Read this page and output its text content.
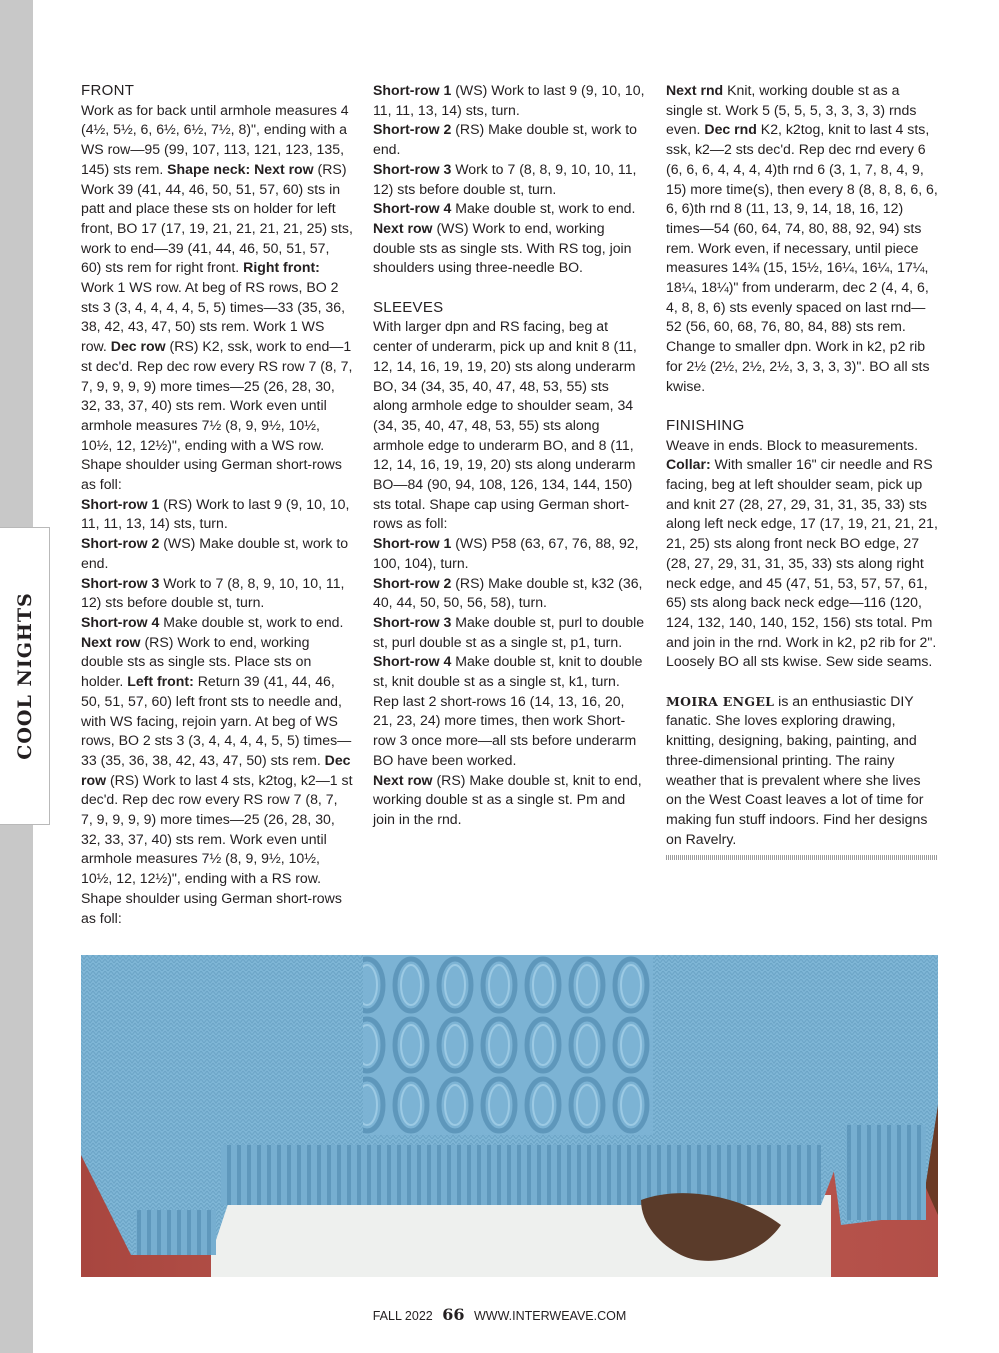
COOL NIGHTS

FRONT

Work as for back until armhole measures 4 (4½, 5½, 6, 6½, 6½, 7½, 8)", ending with a WS row—95 (99, 107, 113, 121, 123, 135, 145) sts rem. Shape neck: Next row (RS) Work 39 (41, 44, 46, 50, 51, 57, 60) sts in patt and place these sts on holder for left front, BO 17 (17, 19, 21, 21, 21, 21, 25) sts, work to end—39 (41, 44, 46, 50, 51, 57, 60) sts rem for right front. Right front: Work 1 WS row. At beg of RS rows, BO 2 sts 3 (3, 4, 4, 4, 4, 5, 5) times—33 (35, 36, 38, 42, 43, 47, 50) sts rem. Work 1 WS row. Dec row (RS) K2, ssk, work to end—1 st dec'd. Rep dec row every RS row 7 (8, 7, 7, 9, 9, 9, 9) more times—25 (26, 28, 30, 32, 33, 37, 40) sts rem. Work even until armhole measures 7½ (8, 9, 9½, 10½, 10½, 12, 12½)", ending with a WS row. Shape shoulder using German short-rows as foll:

Short-row 1 (RS) Work to last 9 (9, 10, 10, 11, 11, 13, 14) sts, turn.

Short-row 2 (WS) Make double st, work to end.

Short-row 3 Work to 7 (8, 8, 9, 10, 10, 11, 12) sts before double st, turn.

Short-row 4 Make double st, work to end.

Next row (RS) Work to end, working double sts as single sts. Place sts on holder. Left front: Return 39 (41, 44, 46, 50, 51, 57, 60) left front sts to needle and, with WS facing, rejoin yarn. At beg of WS rows, BO 2 sts 3 (3, 4, 4, 4, 4, 5, 5) times—33 (35, 36, 38, 42, 43, 47, 50) sts rem. Dec row (RS) Work to last 4 sts, k2tog, k2—1 st dec'd. Rep dec row every RS row 7 (8, 7, 7, 9, 9, 9, 9) more times—25 (26, 28, 30, 32, 33, 37, 40) sts rem. Work even until armhole measures 7½ (8, 9, 9½, 10½, 10½, 12, 12½)", ending with a RS row. Shape shoulder using German short-rows as foll:

Short-row 1 (WS) Work to last 9 (9, 10, 10, 11, 11, 13, 14) sts, turn.

Short-row 2 (RS) Make double st, work to end.

Short-row 3 Work to 7 (8, 8, 9, 10, 10, 11, 12) sts before double st, turn.

Short-row 4 Make double st, work to end.

Next row (WS) Work to end, working double sts as single sts. With RS tog, join shoulders using three-needle BO.

SLEEVES

With larger dpn and RS facing, beg at center of underarm, pick up and knit 8 (11, 12, 14, 16, 19, 19, 20) sts along underarm BO, 34 (34, 35, 40, 47, 48, 53, 55) sts along armhole edge to shoulder seam, 34 (34, 35, 40, 47, 48, 53, 55) sts along armhole edge to underarm BO, and 8 (11, 12, 14, 16, 19, 19, 20) sts along underarm BO—84 (90, 94, 108, 126, 134, 144, 150) sts total. Shape cap using German short-rows as foll:

Short-row 1 (WS) P58 (63, 67, 76, 88, 92, 100, 104), turn.

Short-row 2 (RS) Make double st, k32 (36, 40, 44, 50, 50, 56, 58), turn.

Short-row 3 Make double st, purl to double st, purl double st as a single st, p1, turn.

Short-row 4 Make double st, knit to double st, knit double st as a single st, k1, turn.

Rep last 2 short-rows 16 (14, 13, 16, 20, 21, 23, 24) more times, then work Short-row 3 once more—all sts before underarm BO have been worked.

Next row (RS) Make double st, knit to end, working double st as a single st. Pm and join in the rnd.

Next rnd Knit, working double st as a single st. Work 5 (5, 5, 5, 3, 3, 3, 3) rnds even. Dec rnd K2, k2tog, knit to last 4 sts, ssk, k2—2 sts dec'd. Rep dec rnd every 6 (6, 6, 6, 4, 4, 4, 4)th rnd 6 (3, 1, 7, 8, 4, 9, 15) more time(s), then every 8 (8, 8, 8, 6, 6, 6, 6)th rnd 8 (11, 13, 9, 14, 18, 16, 12) times—54 (60, 64, 74, 80, 88, 92, 94) sts rem. Work even, if necessary, until piece measures 14¾ (15, 15½, 16¼, 16¼, 17¼, 18¼, 18¼)" from underarm, dec 2 (4, 4, 6, 4, 8, 8, 6) sts evenly spaced on last rnd—52 (56, 60, 68, 76, 80, 84, 88) sts rem. Change to smaller dpn. Work in k2, p2 rib for 2½ (2½, 2½, 2½, 3, 3, 3, 3)". BO all sts kwise.

FINISHING

Weave in ends. Block to measurements. Collar: With smaller 16" cir needle and RS facing, beg at left shoulder seam, pick up and knit 27 (28, 27, 29, 31, 31, 35, 33) sts along left neck edge, 17 (17, 19, 21, 21, 21, 21, 25) sts along front neck BO edge, 27 (28, 27, 29, 31, 31, 35, 33) sts along right neck edge, and 45 (47, 51, 53, 57, 57, 61, 65) sts along back neck edge—116 (120, 124, 132, 140, 140, 152, 156) sts total. Pm and join in the rnd. Work in k2, p2 rib for 2". Loosely BO all sts kwise. Sew side seams.

MOIRA ENGEL is an enthusiastic DIY fanatic. She loves exploring drawing, knitting, designing, baking, painting, and three-dimensional printing. The rainy weather that is prevalent where she lives on the West Coast leaves a lot of time for making fun stuff indoors. Find her designs on Ravelry.

FALL 2022 66 WWW.INTERWEAVE.COM
